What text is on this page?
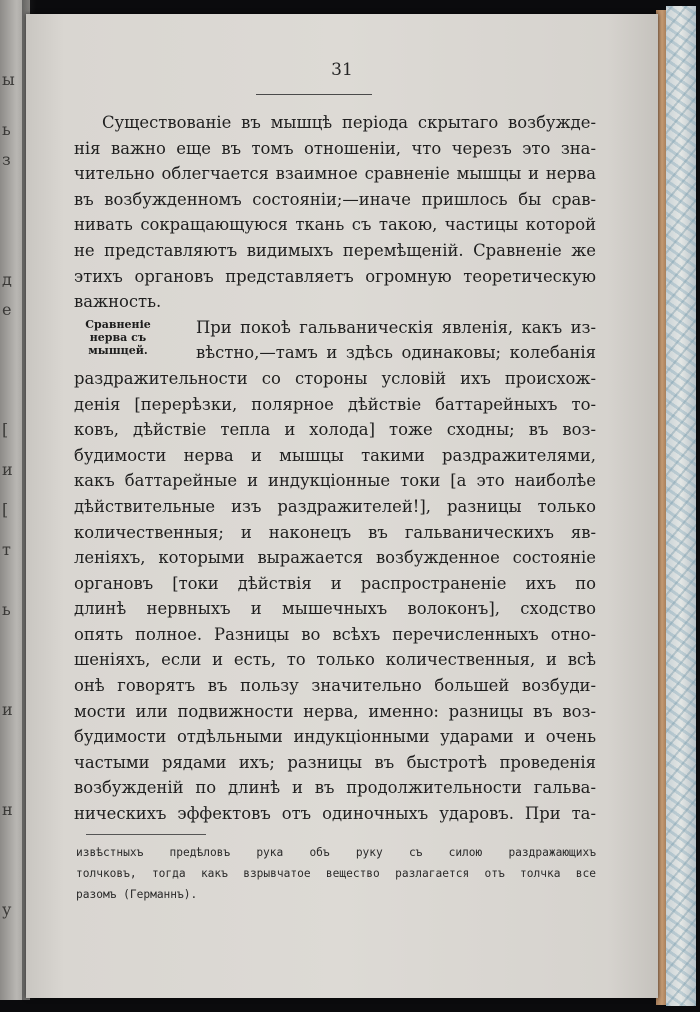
ы
ь
з
д
е
[
и
[
т
ь
и
н
у
31
Сравненіе
нерва съ
мышцей.
Существованіе въ мышцѣ періода скрытаго возбужде-
нія важно еще въ томъ отношеніи, что черезъ это зна-
чительно облегчается взаимное сравненіе мышцы и нерва
въ возбужденномъ состояніи;—иначе пришлось бы срав-
нивать сокращающуюся ткань съ такою, частицы которой
не представляютъ видимыхъ перемѣщеній. Сравненіе же
этихъ органовъ представляетъ огромную теоретическую
важность.
При покоѣ гальваническія явленія, какъ из-
вѣстно,—тамъ и здѣсь одинаковы; колебанія
раздражительности со стороны условій ихъ происхож-
денія [перерѣзки, полярное дѣйствіе баттарейныхъ то-
ковъ, дѣйствіе тепла и холода] тоже сходны; въ воз-
будимости нерва и мышцы такими раздражителями,
какъ баттарейные и индукціонные токи [а это наиболѣе
дѣйствительные изъ раздражителей!], разницы только
количественныя; и наконецъ въ гальваническихъ яв-
леніяхъ, которыми выражается возбужденное состояніе
органовъ [токи дѣйствія и распространеніе ихъ по
длинѣ нервныхъ и мышечныхъ волоконъ], сходство
опять полное. Разницы во всѣхъ перечисленныхъ отно-
шеніяхъ, если и есть, то только количественныя, и всѣ
онѣ говорятъ въ пользу значительно большей возбуди-
мости или подвижности нерва, именно: разницы въ воз-
будимости отдѣльными индукціонными ударами и очень
частыми рядами ихъ; разницы въ быстротѣ проведенія
возбужденій по длинѣ и въ продолжительности гальва-
ническихъ эффектовъ отъ одиночныхъ ударовъ. При та-
извѣстныхъ предѣловъ рука объ руку съ силою раздражающихъ
толчковъ, тогда какъ взрывчатое вещество разлагается отъ толчка все
разомъ (Германнъ).
